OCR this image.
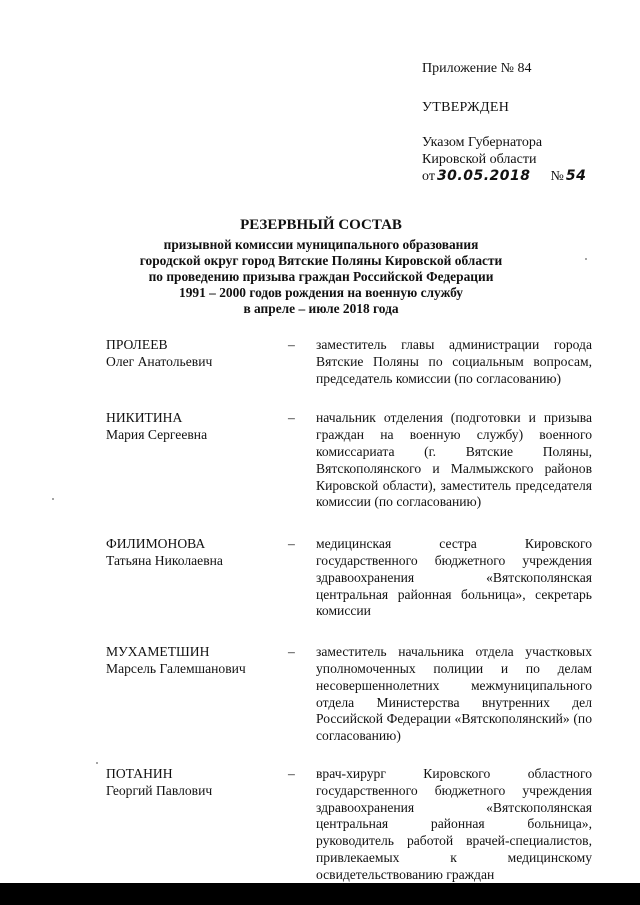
Приложение № 84
УТВЕРЖДЕН
Указом Губернатора
Кировской области
от 30.05.2018 № 54
РЕЗЕРВНЫЙ СОСТАВ
призывной комиссии муниципального образования
городской округ город Вятские Поляны Кировской области
по проведению призыва граждан Российской Федерации
1991 – 2000 годов рождения на военную службу
в апреле – июле 2018 года
ПРОЛЕЕВ
Олег Анатольевич
–	заместитель главы администрации города Вятские Поляны по социальным вопросам, председатель комиссии (по согласованию)
НИКИТИНА
Мария Сергеевна
–	начальник отделения (подготовки и призыва граждан на военную службу) военного комиссариата (г. Вятские Поляны, Вятскополянского и Малмыжского районов Кировской области), заместитель председателя комиссии (по согласованию)
ФИЛИМОНОВА
Татьяна Николаевна
–	медицинская сестра Кировского государственного бюджетного учреждения здравоохранения «Вятскополянская центральная районная больница», секретарь комиссии
МУХАМЕТШИН
Марсель Галемшанович
–	заместитель начальника отдела участковых уполномоченных полиции и по делам несовершеннолетних межмуниципального отдела Министерства внутренних дел Российской Федерации «Вятскополянский» (по согласованию)
ПОТАНИН
Георгий Павлович
–	врач-хирург Кировского областного государственного бюджетного учреждения здравоохранения «Вятскополянская центральная районная больница», руководитель работой врачей-специалистов, привлекаемых к медицинскому освидетельствованию граждан
